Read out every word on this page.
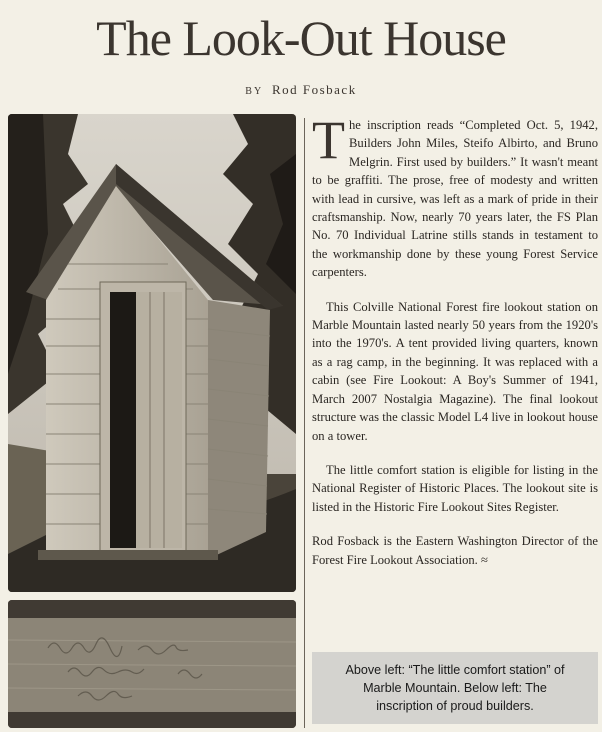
The Look-Out House
BY Rod Fosback

The inscription reads “Completed Oct. 5, 1942, Builders John Miles, Steifo Albirto, and Bruno Melgrin. First used by builders.” It wasn't meant to be graffiti. The prose, free of modesty and written with lead in cursive, was left as a mark of pride in their craftsmanship. Now, nearly 70 years later, the FS Plan No. 70 Individual Latrine stills stands in testament to the workmanship done by these young Forest Service carpenters.

This Colville National Forest fire lookout station on Marble Mountain lasted nearly 50 years from the 1920's into the 1970's. A tent provided living quarters, known as a rag camp, in the beginning. It was replaced with a cabin (see Fire Lookout: A Boy's Summer of 1941, March 2007 Nostalgia Magazine). The final lookout structure was the classic Model L4 live in lookout house on a tower.

The little comfort station is eligible for listing in the National Register of Historic Places. The lookout site is listed in the Historic Fire Lookout Sites Register.

Rod Fosback is the Eastern Washington Director of the Forest Fire Lookout Association. ≈

Above left: “The little comfort station” of Marble Mountain. Below left: The inscription of proud builders.
